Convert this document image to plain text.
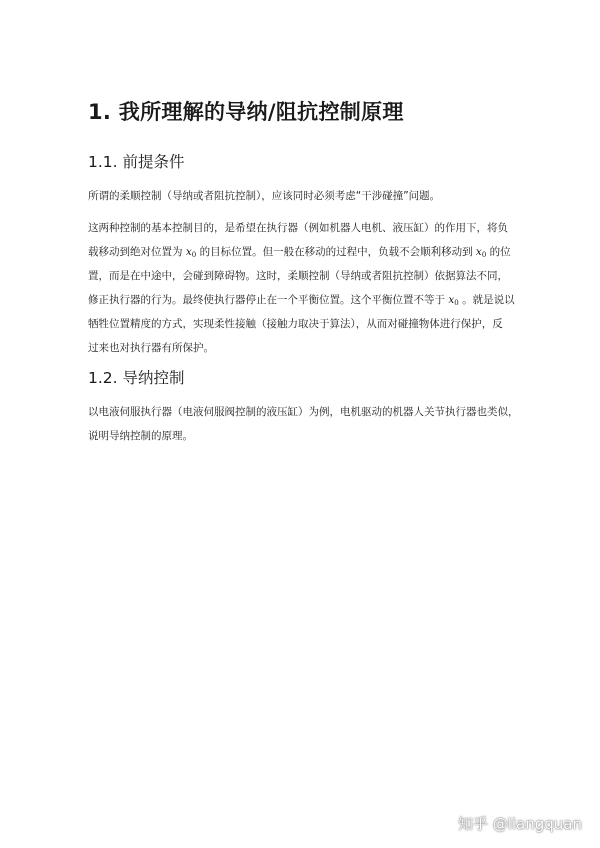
1. 我所理解的导纳/阻抗控制原理
1.1. 前提条件

所谓的柔顺控制（导纳或者阻抗控制），应该同时必须考虑“干涉碰撞”问题。

这两种控制的基本控制目的，是希望在执行器（例如机器人电机、液压缸）的作用下，将负
载移动到绝对位置为 $x_0$ 的目标位置。但一般在移动的过程中，负载不会顺利移动到 $x_0$ 的位
置，而是在中途中，会碰到障碍物。这时，柔顺控制（导纳或者阻抗控制）依据算法不同，
修正执行器的行为。最终使执行器停止在一个平衡位置。这个平衡位置不等于 $x_0$ 。就是说以
牺牲位置精度的方式，实现柔性接触（接触力取决于算法），从而对碰撞物体进行保护，反
过来也对执行器有所保护。

1.2. 导纳控制

以电液伺服执行器（电液伺服阀控制的液压缸）为例，电机驱动的机器人关节执行器也类似，
说明导纳控制的原理。

知乎 @liangquan
